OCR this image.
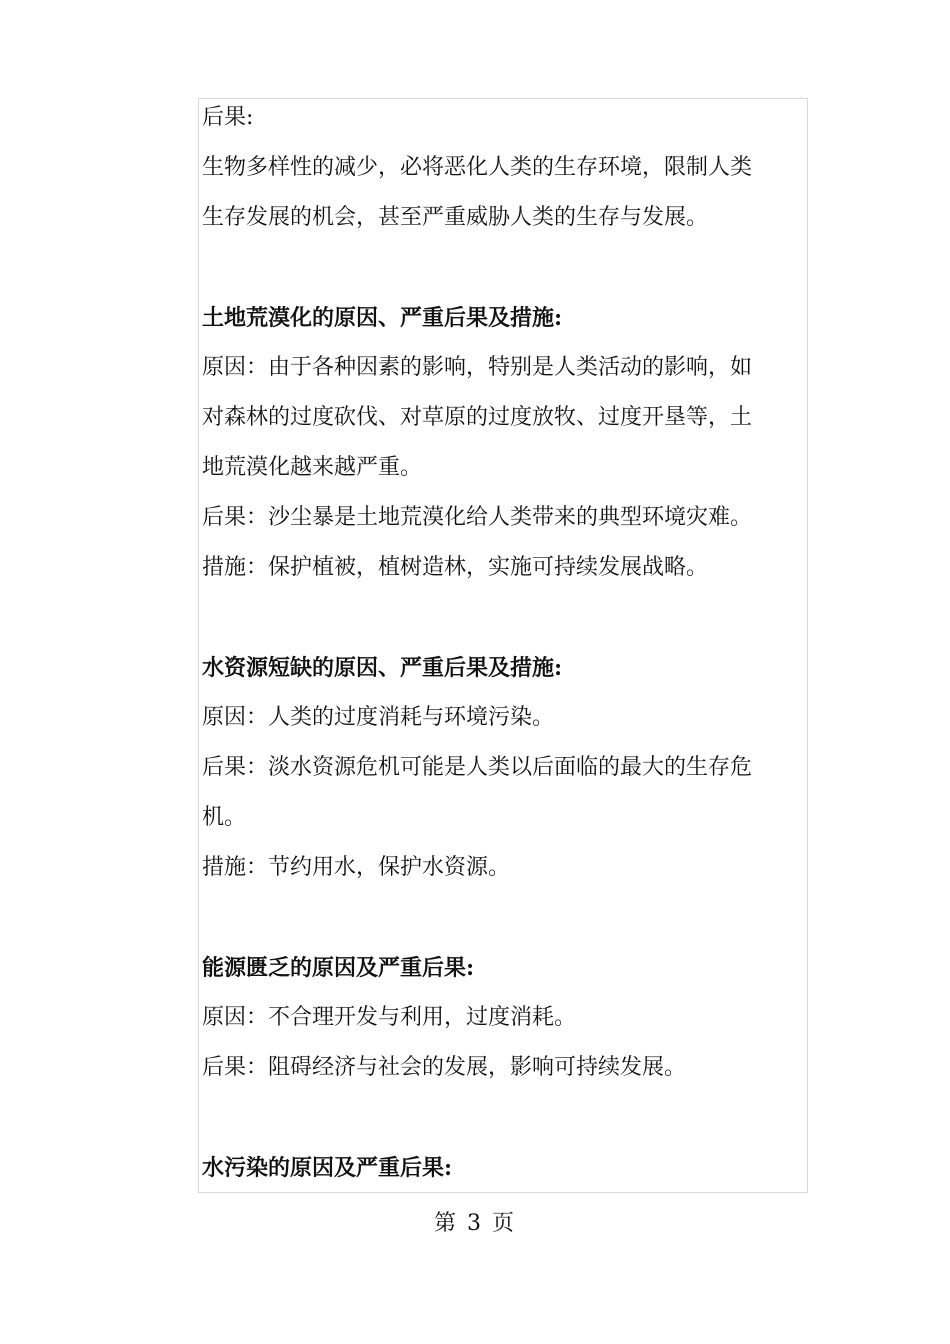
后果:
生物多样性的减少，必将恶化人类的生存环境，限制人类
生存发展的机会，甚至严重威胁人类的生存与发展。
土地荒漠化的原因、严重后果及措施:
原因：由于各种因素的影响，特别是人类活动的影响，如
对森林的过度砍伐、对草原的过度放牧、过度开垦等，土
地荒漠化越来越严重。
后果：沙尘暴是土地荒漠化给人类带来的典型环境灾难。
措施：保护植被，植树造林，实施可持续发展战略。
水资源短缺的原因、严重后果及措施:
原因：人类的过度消耗与环境污染。
后果：淡水资源危机可能是人类以后面临的最大的生存危
机。
措施：节约用水，保护水资源。
能源匮乏的原因及严重后果:
原因：不合理开发与利用，过度消耗。
后果：阻碍经济与社会的发展，影响可持续发展。
水污染的原因及严重后果:
第 3 页
